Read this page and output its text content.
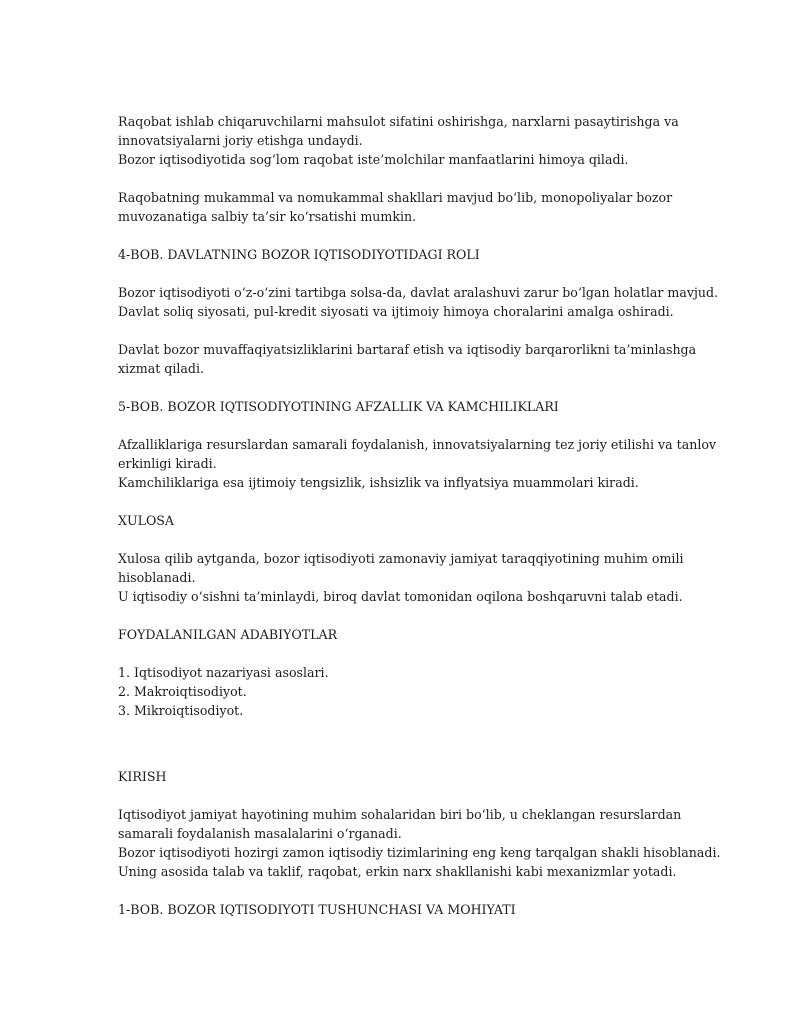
Raqobat ishlab chiqaruvchilarni mahsulot sifatini oshirishga, narxlarni pasaytirishga va
innovatsiyalarni joriy etishga undaydi.
Bozor iqtisodiyotida sog‘lom raqobat iste’molchilar manfaatlarini himoya qiladi.
Raqobatning mukammal va nomukammal shakllari mavjud bo‘lib, monopoliyalar bozor
muvozanatiga salbiy ta’sir ko‘rsatishi mumkin.
4-BOB. DAVLATNING BOZOR IQTISODIYOTIDAGI ROLI
Bozor iqtisodiyoti o‘z-o‘zini tartibga solsa-da, davlat aralashuvi zarur bo‘lgan holatlar mavjud.
Davlat soliq siyosati, pul-kredit siyosati va ijtimoiy himoya choralarini amalga oshiradi.
Davlat bozor muvaffaqiyatsizliklarini bartaraf etish va iqtisodiy barqarorlikni ta’minlashga
xizmat qiladi.
5-BOB. BOZOR IQTISODIYOTINING AFZALLIK VA KAMCHILIKLARI
Afzalliklariga resurslardan samarali foydalanish, innovatsiyalarning tez joriy etilishi va tanlov
erkinligi kiradi.
Kamchiliklariga esa ijtimoiy tengsizlik, ishsizlik va inflyatsiya muammolari kiradi.
XULOSA
Xulosa qilib aytganda, bozor iqtisodiyoti zamonaviy jamiyat taraqqiyotining muhim omili
hisoblanadi.
U iqtisodiy o‘sishni ta’minlaydi, biroq davlat tomonidan oqilona boshqaruvni talab etadi.
FOYDALANILGAN ADABIYOTLAR
1. Iqtisodiyot nazariyasi asoslari.
2. Makroiqtisodiyot.
3. Mikroiqtisodiyot.
KIRISH
Iqtisodiyot jamiyat hayotining muhim sohalaridan biri bo‘lib, u cheklangan resurslardan
samarali foydalanish masalalarini o‘rganadi.
Bozor iqtisodiyoti hozirgi zamon iqtisodiy tizimlarining eng keng tarqalgan shakli hisoblanadi.
Uning asosida talab va taklif, raqobat, erkin narx shakllanishi kabi mexanizmlar yotadi.
1-BOB. BOZOR IQTISODIYOTI TUSHUNCHASI VA MOHIYATI
